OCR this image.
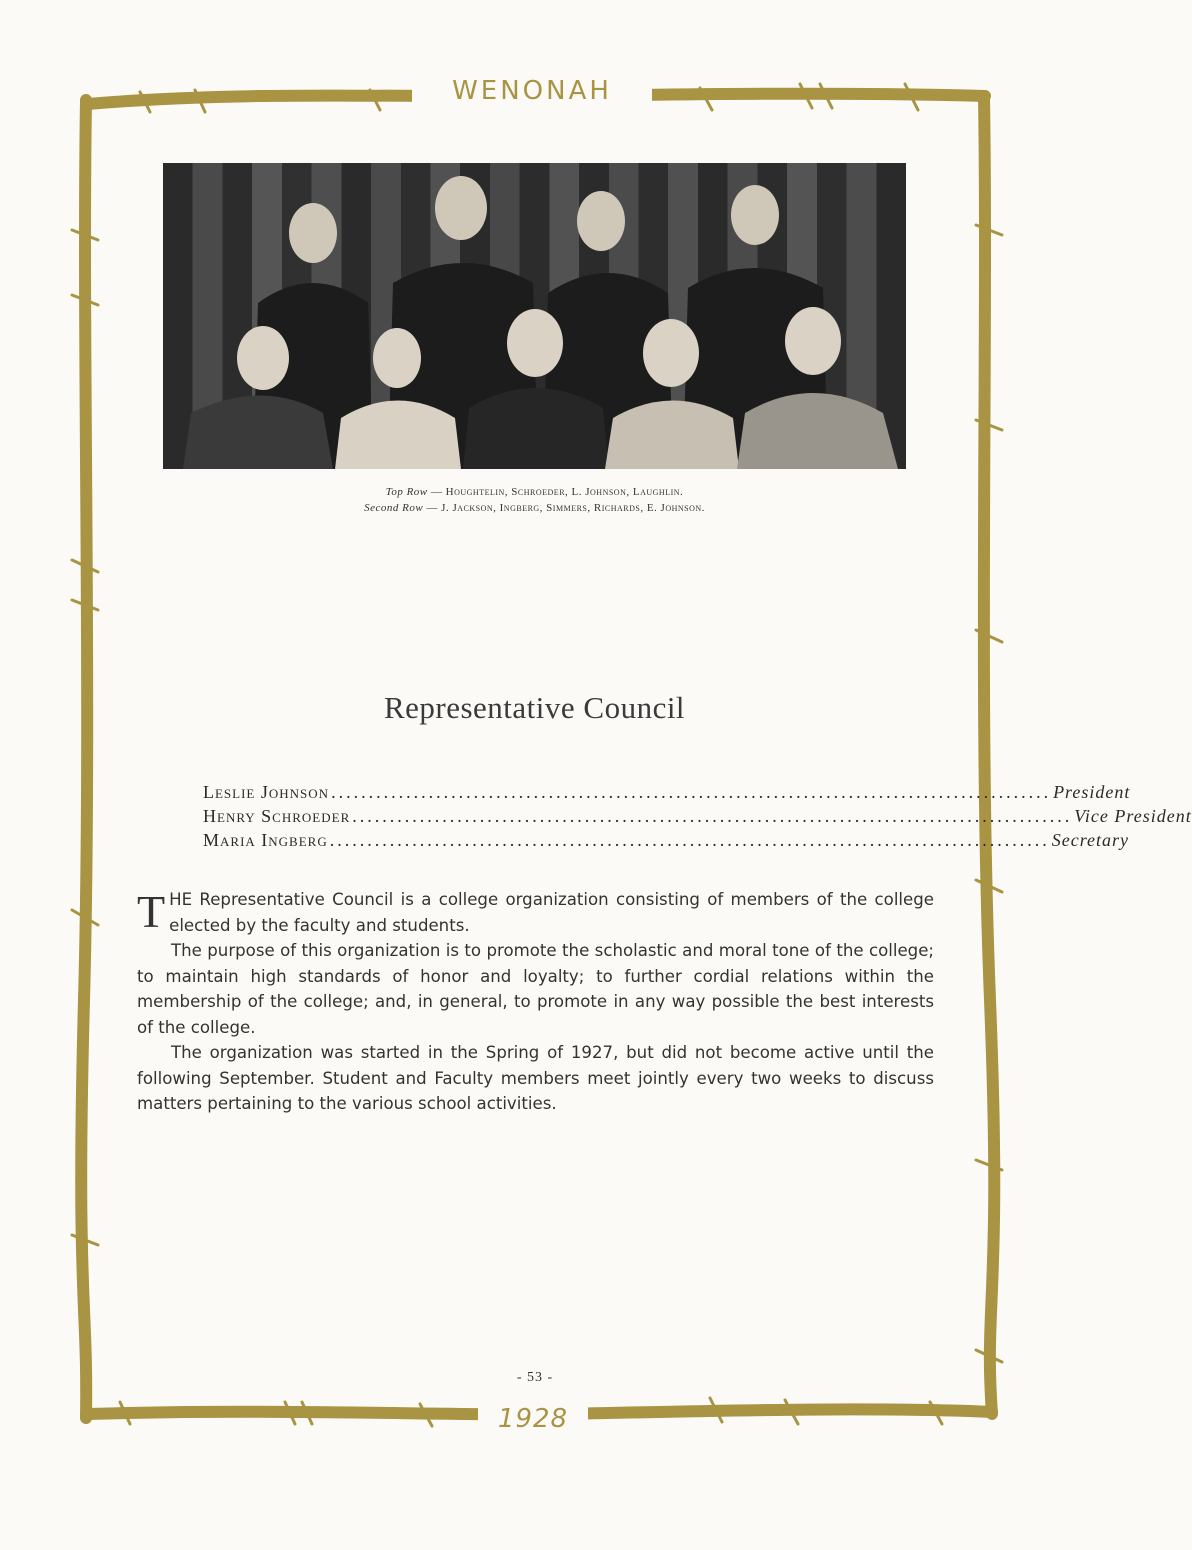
WENONAH
Top Row — Houghtelin, Schroeder, L. Johnson, Laughlin.
Second Row — J. Jackson, Ingberg, Simmers, Richards, E. Johnson.
Representative Council
Leslie Johnson ................................................................................................ President
Henry Schroeder ................................................................................................ Vice President
Maria Ingberg ................................................................................................ Secretary

THE Representative Council is a college organization consisting of members of the college elected by the faculty and students.

The purpose of this organization is to promote the scholastic and moral tone of the college; to maintain high standards of honor and loyalty; to further cordial relations within the membership of the college; and, in general, to promote in any way possible the best interests of the college.

The organization was started in the Spring of 1927, but did not become active until the following September. Student and Faculty members meet jointly every two weeks to discuss matters pertaining to the various school activities.

- 53 -
1928
